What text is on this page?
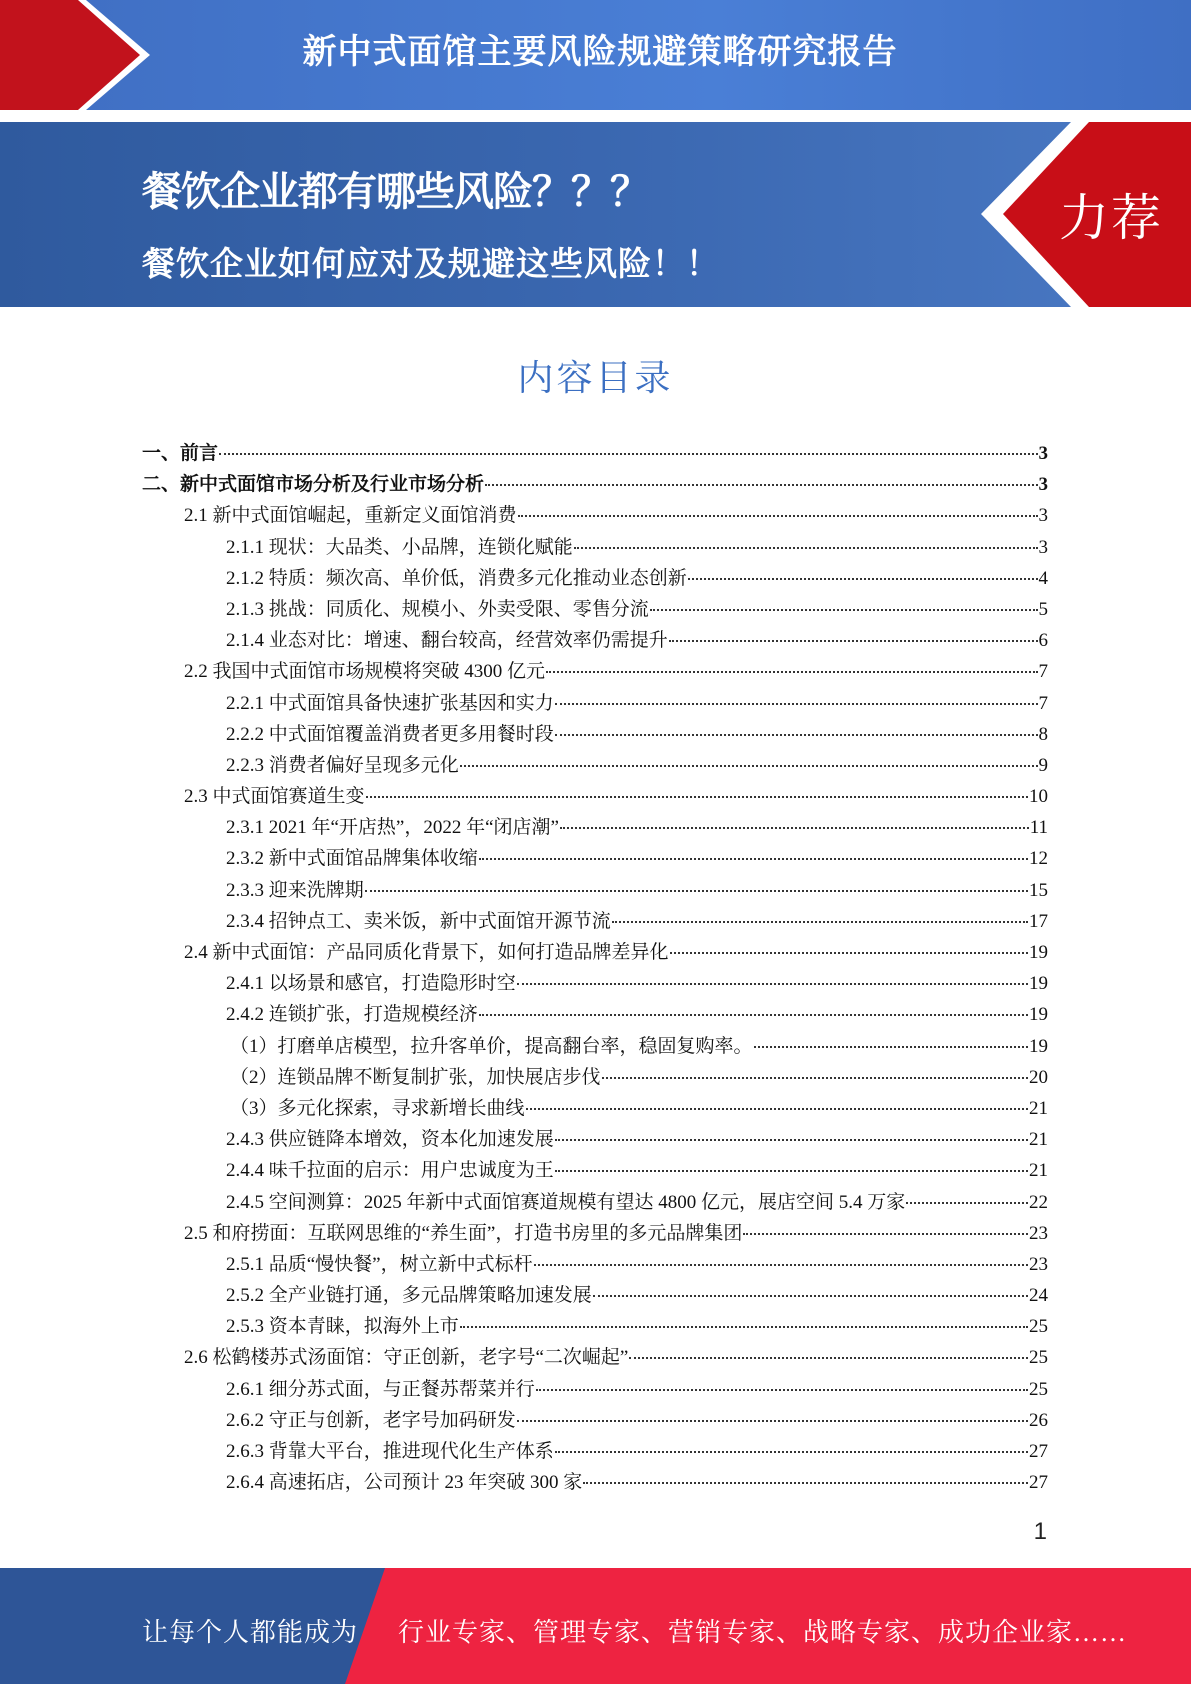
新中式面馆主要风险规避策略研究报告
餐饮企业都有哪些风险？？？
餐饮企业如何应对及规避这些风险！！
力荐
内容目录
一、前言	3
二、新中式面馆市场分析及行业市场分析	3
2.1 新中式面馆崛起，重新定义面馆消费	3
2.1.1 现状：大品类、小品牌，连锁化赋能	3
2.1.2 特质：频次高、单价低，消费多元化推动业态创新	4
2.1.3 挑战：同质化、规模小、外卖受限、零售分流	5
2.1.4 业态对比：增速、翻台较高，经营效率仍需提升	6
2.2 我国中式面馆市场规模将突破 4300 亿元	7
2.2.1 中式面馆具备快速扩张基因和实力	7
2.2.2 中式面馆覆盖消费者更多用餐时段	8
2.2.3 消费者偏好呈现多元化	9
2.3 中式面馆赛道生变	10
2.3.1 2021 年“开店热”，2022 年“闭店潮”	11
2.3.2 新中式面馆品牌集体收缩	12
2.3.3 迎来洗牌期	15
2.3.4 招钟点工、卖米饭，新中式面馆开源节流	17
2.4 新中式面馆：产品同质化背景下，如何打造品牌差异化	19
2.4.1 以场景和感官，打造隐形时空	19
2.4.2 连锁扩张，打造规模经济	19
（1）打磨单店模型，拉升客单价，提高翻台率，稳固复购率。	19
（2）连锁品牌不断复制扩张，加快展店步伐	20
（3）多元化探索，寻求新增长曲线	21
2.4.3 供应链降本增效，资本化加速发展	21
2.4.4 味千拉面的启示：用户忠诚度为王	21
2.4.5 空间测算：2025 年新中式面馆赛道规模有望达 4800 亿元，展店空间 5.4 万家	22
2.5 和府捞面：互联网思维的“养生面”，打造书房里的多元品牌集团	23
2.5.1 品质“慢快餐”，树立新中式标杆	23
2.5.2 全产业链打通，多元品牌策略加速发展	24
2.5.3 资本青睐，拟海外上市	25
2.6 松鹤楼苏式汤面馆：守正创新，老字号“二次崛起”	25
2.6.1 细分苏式面，与正餐苏帮菜并行	25
2.6.2 守正与创新，老字号加码研发	26
2.6.3 背靠大平台，推进现代化生产体系	27
2.6.4 高速拓店，公司预计 23 年突破 300 家	27
1
让每个人都能成为 行业专家、管理专家、营销专家、战略专家、成功企业家……
